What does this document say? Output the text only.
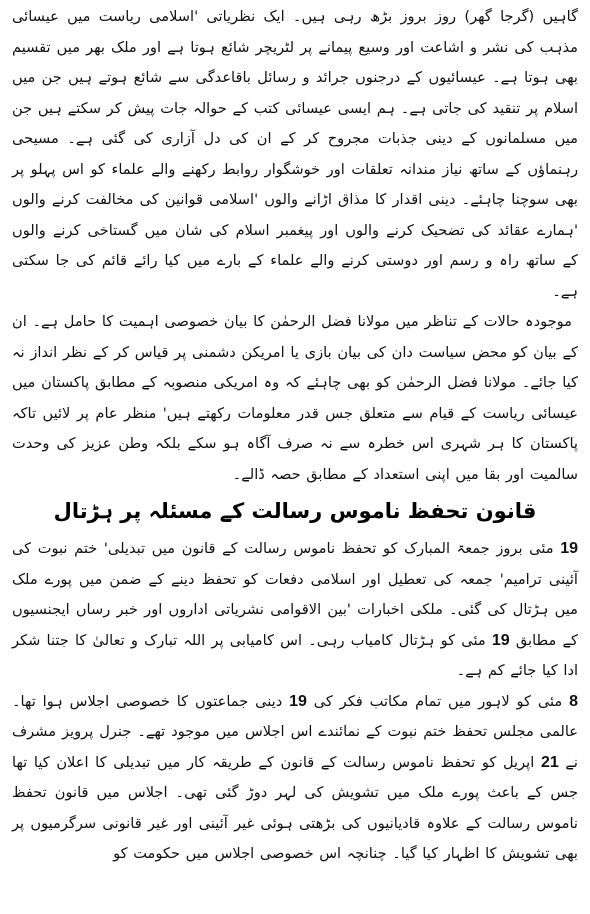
گاہیں (گرجا گھر) روز بروز بڑھ رہی ہیں۔ ایک نظریاتی 'اسلامی ریاست میں عیسائی مذہب کی نشر و اشاعت اور وسیع پیمانے پر لٹریچر شائع ہوتا ہے اور ملک بھر میں تقسیم بھی ہوتا ہے۔ عیسائیوں کے درجنوں جرائد و رسائل باقاعدگی سے شائع ہوتے ہیں جن میں اسلام پر تنقید کی جاتی ہے۔ ہم ایسی عیسائی کتب کے حوالہ جات پیش کر سکتے ہیں جن میں مسلمانوں کے دینی جذبات مجروح کر کے ان کی دل آزاری کی گئی ہے۔ مسیحی رہنماؤں کے ساتھ نیاز مندانہ تعلقات اور خوشگوار روابط رکھنے والے علماء کو اس پہلو پر بھی سوچنا چاہئے۔ دینی اقدار کا مذاق اڑانے والوں 'اسلامی قوانین کی مخالفت کرنے والوں 'ہمارے عقائد کی تضحیک کرنے والوں اور پیغمبر اسلام کی شان میں گستاخی کرنے والوں کے ساتھ راہ و رسم اور دوستی کرنے والے علماء کے بارے میں کیا رائے قائم کی جا سکتی ہے۔

موجودہ حالات کے تناظر میں مولانا فضل الرحمٰن کا بیان خصوصی اہمیت کا حامل ہے۔ ان کے بیان کو محض سیاست دان کی بیان بازی یا امریکن دشمنی پر قیاس کر کے نظر انداز نہ کیا جائے۔ مولانا فضل الرحمٰن کو بھی چاہئے کہ وہ امریکی منصوبہ کے مطابق پاکستان میں عیسائی ریاست کے قیام سے متعلق جس قدر معلومات رکھتے ہیں' منظر عام پر لائیں تاکہ پاکستان کا ہر شہری اس خطرہ سے نہ صرف آگاہ ہو سکے بلکہ وطن عزیز کی وحدت سالمیت اور بقا میں اپنی استعداد کے مطابق حصہ ڈالے۔

قانون تحفظ ناموس رسالت کے مسئلہ پر ہڑتال

19 مئی بروز جمعۃ المبارک کو تحفظ ناموس رسالت کے قانون میں تبدیلی' ختم نبوت کی آئینی ترامیم' جمعہ کی تعطیل اور اسلامی دفعات کو تحفظ دینے کے ضمن میں پورے ملک میں ہڑتال کی گئی۔ ملکی اخبارات 'بین الاقوامی نشریاتی اداروں اور خبر رساں ایجنسیوں کے مطابق 19 مئی کو ہڑتال کامیاب رہی۔ اس کامیابی پر اللہ تبارک و تعالیٰ کا جتنا شکر ادا کیا جائے کم ہے۔

8 مئی کو لاہور میں تمام مکاتب فکر کی 19 دینی جماعتوں کا خصوصی اجلاس ہوا تھا۔ عالمی مجلس تحفظ ختم نبوت کے نمائندے اس اجلاس میں موجود تھے۔ جنرل پرویز مشرف نے 21 اپریل کو تحفظ ناموس رسالت کے قانون کے طریقہ کار میں تبدیلی کا اعلان کیا تھا جس کے باعث پورے ملک میں تشویش کی لہر دوڑ گئی تھی۔ اجلاس میں قانون تحفظ ناموس رسالت کے علاوہ قادیانیوں کی بڑھتی ہوئی غیر آئینی اور غیر قانونی سرگرمیوں پر بھی تشویش کا اظہار کیا گیا۔ چنانچہ اس خصوصی اجلاس میں حکومت کو
